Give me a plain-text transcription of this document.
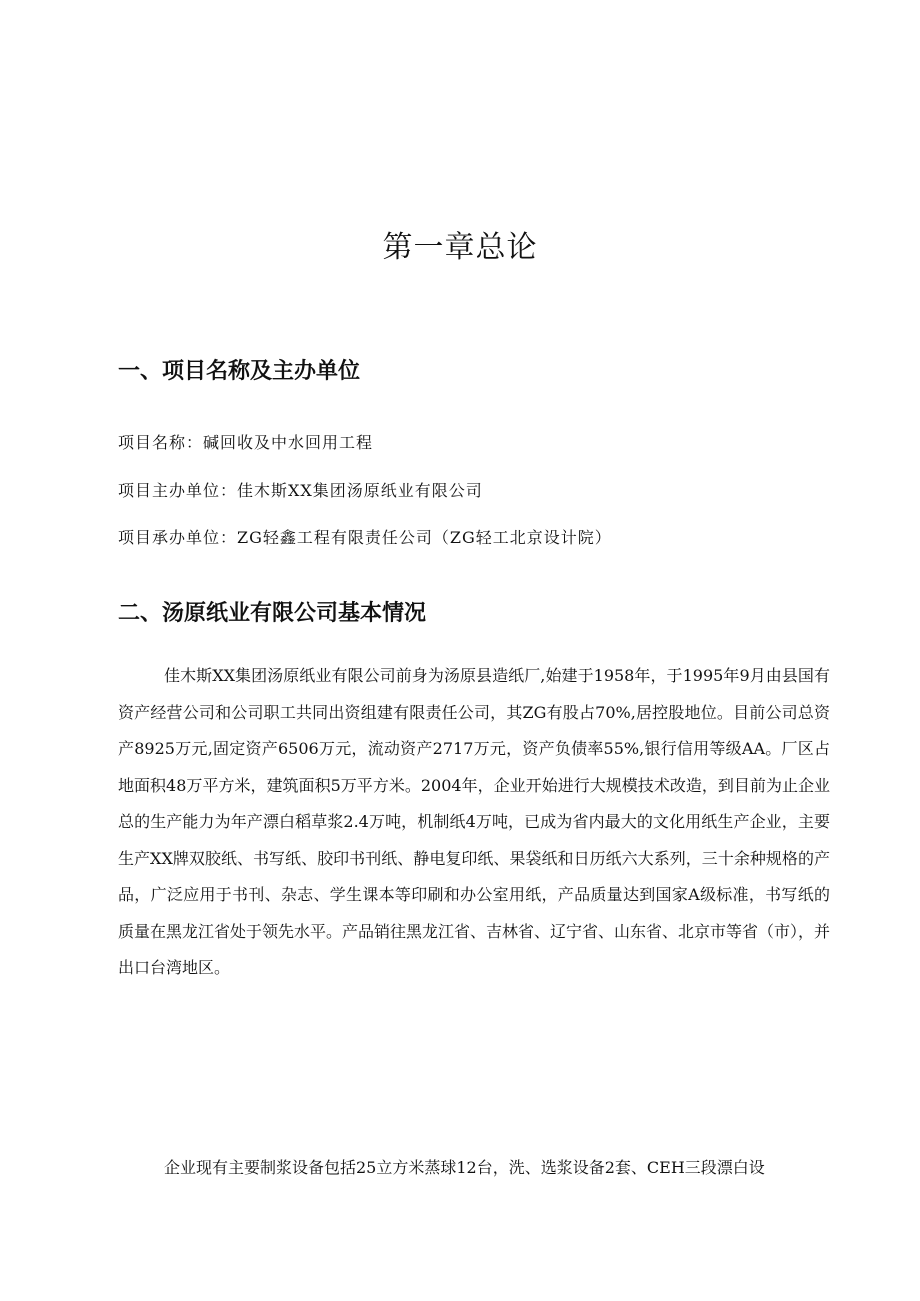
第一章总论
一、项目名称及主办单位

项目名称：碱回收及中水回用工程

项目主办单位：佳木斯XX集团汤原纸业有限公司

项目承办单位：ZG轻鑫工程有限责任公司（ZG轻工北京设计院）

二、汤原纸业有限公司基本情况

佳木斯XX集团汤原纸业有限公司前身为汤原县造纸厂,始建于1958年，于1995年9月由县国有资产经营公司和公司职工共同出资组建有限责任公司，其ZG有股占70%,居控股地位。目前公司总资产8925万元,固定资产6506万元，流动资产2717万元，资产负债率55%,银行信用等级AA。厂区占地面积48万平方米，建筑面积5万平方米。2004年，企业开始进行大规模技术改造，到目前为止企业总的生产能力为年产漂白稻草浆2.4万吨，机制纸4万吨，已成为省内最大的文化用纸生产企业，主要生产XX牌双胶纸、书写纸、胶印书刊纸、静电复印纸、果袋纸和日历纸六大系列，三十余种规格的产品，广泛应用于书刊、杂志、学生课本等印刷和办公室用纸，产品质量达到国家A级标准，书写纸的质量在黑龙江省处于领先水平。产品销往黑龙江省、吉林省、辽宁省、山东省、北京市等省（市），并出口台湾地区。

企业现有主要制浆设备包括25立方米蒸球12台，洗、选浆设备2套、CEH三段漂白设
